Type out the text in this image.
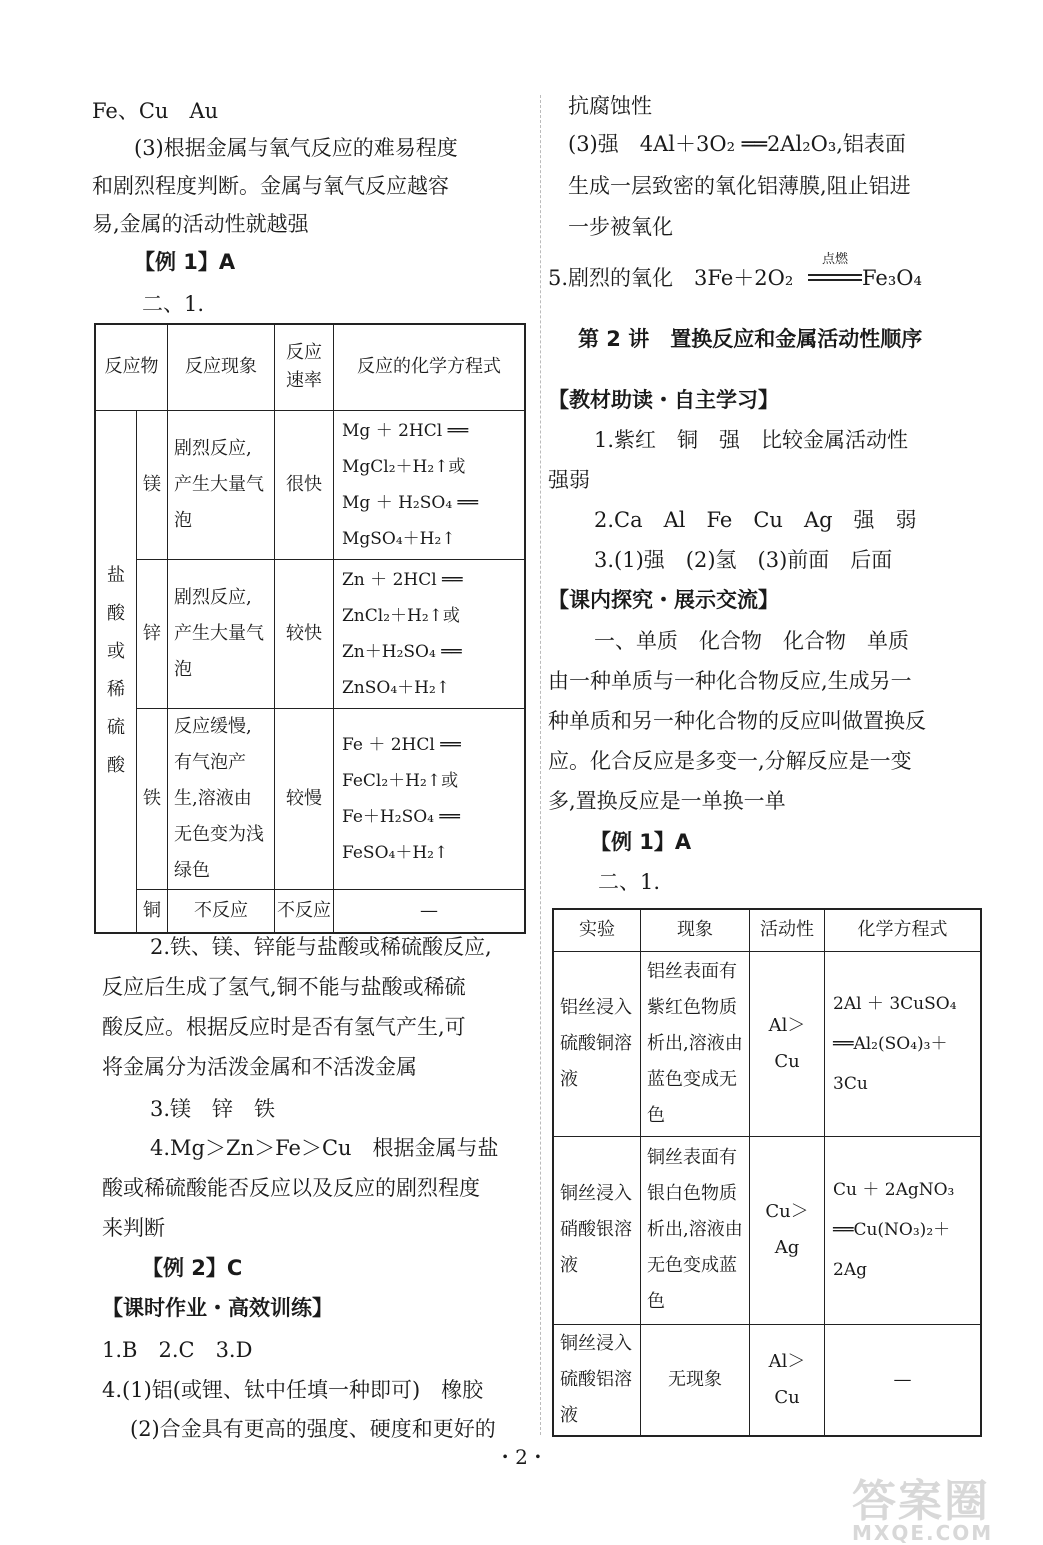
Fe、Cu　Au
(3)根据金属与氧气反应的难易程度
和剧烈程度判断。金属与氧气反应越容
易,金属的活动性就越强
【例 1】A
二、1.
反应物		反应现象	反应速率	反应的化学方程式
盐酸或稀硫酸	镁	剧烈反应,产生大量气泡	很快	Mg ＋ 2HCl ══
MgCl₂＋H₂↑或
Mg ＋ H₂SO₄ ══
MgSO₄＋H₂↑

	锌	剧烈反应,产生大量气泡	较快	Zn ＋ 2HCl ══
ZnCl₂＋H₂↑或
Zn＋H₂SO₄ ══
ZnSO₄＋H₂↑

	铁	反应缓慢,有气泡产生,溶液由无色变为浅绿色	较慢	Fe ＋ 2HCl ══
FeCl₂＋H₂↑或
Fe＋H₂SO₄ ══
FeSO₄＋H₂↑

	铜	不反应	不反应	—
2.铁、镁、锌能与盐酸或稀硫酸反应,
反应后生成了氢气,铜不能与盐酸或稀硫
酸反应。根据反应时是否有氢气产生,可
将金属分为活泼金属和不活泼金属
3.镁　锌　铁
4.Mg＞Zn＞Fe＞Cu　根据金属与盐
酸或稀硫酸能否反应以及反应的剧烈程度
来判断
【例 2】C
【课时作业・高效训练】
1.B　2.C　3.D
4.(1)铝(或锂、钛中任填一种即可)　橡胶
(2)合金具有更高的强度、硬度和更好的
抗腐蚀性
(3)强　4Al＋3O₂ ══2Al₂O₃,铝表面
生成一层致密的氧化铝薄膜,阻止铝进
一步被氧化
5.剧烈的氧化　3Fe＋2O₂
点燃
Fe₃O₄
第 2 讲　置换反应和金属活动性顺序
【教材助读・自主学习】
1.紫红　铜　强　比较金属活动性
强弱
2.Ca　Al　Fe　Cu　Ag　强　弱
3.(1)强　(2)氢　(3)前面　后面
【课内探究・展示交流】
一、单质　化合物　化合物　单质
由一种单质与一种化合物反应,生成另一
种单质和另一种化合物的反应叫做置换反
应。化合反应是多变一,分解反应是一变
多,置换反应是一单换一单
【例 1】A
二、1.
实验	现象	活动性	化学方程式
铝丝浸入硫酸铜溶液	铝丝表面有紫红色物质析出,溶液由蓝色变成无色	Al＞Cu	2Al ＋ 3CuSO₄
══Al₂(SO₄)₃＋
3Cu

铜丝浸入硝酸银溶液	铜丝表面有银白色物质析出,溶液由无色变成蓝色	Cu＞Ag	Cu ＋ 2AgNO₃
══Cu(NO₃)₂＋
2Ag

铜丝浸入硫酸铝溶液	无现象	Al＞Cu	—
・2・
答案圈
MXQE.COM
